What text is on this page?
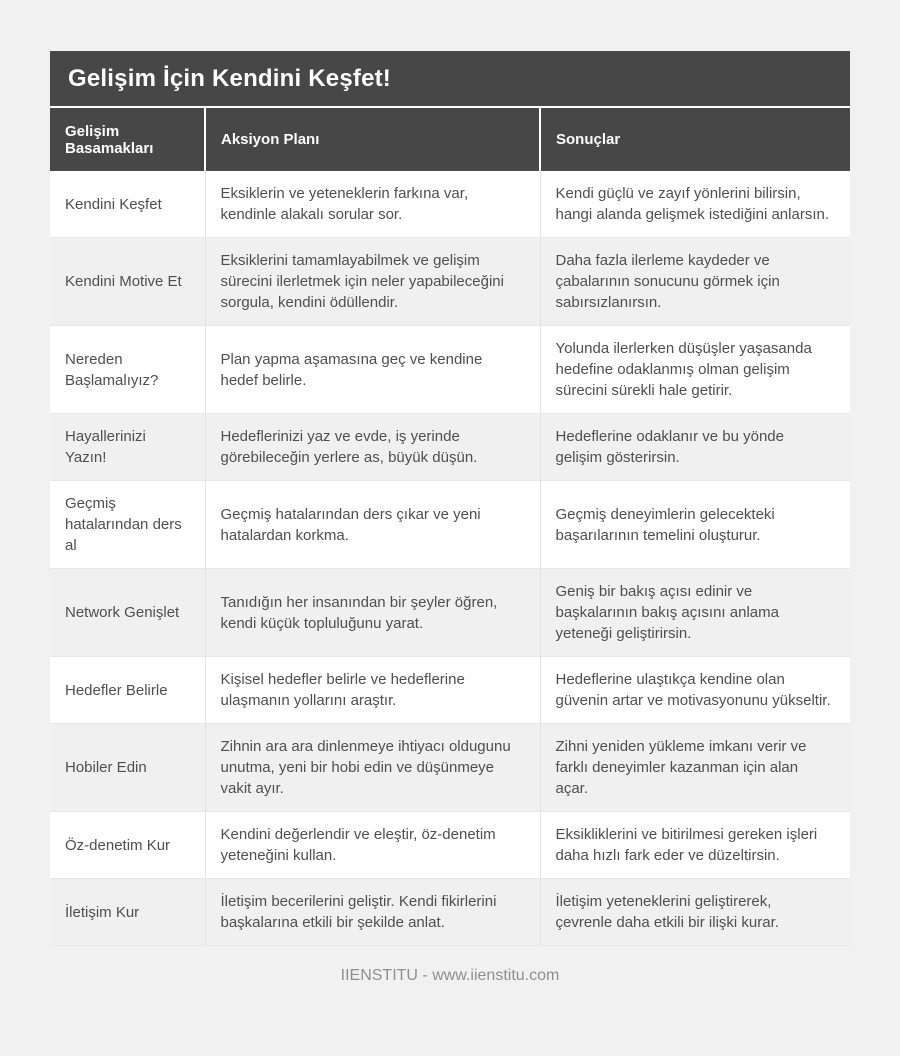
Gelişim İçin Kendini Keşfet!
Gelişim Basamakları	Aksiyon Planı	Sonuçlar
Kendini Keşfet	Eksiklerin ve yeteneklerin farkına var, kendinle alakalı sorular sor.	Kendi güçlü ve zayıf yönlerini bilirsin, hangi alanda gelişmek istediğini anlarsın.
Kendini Motive Et	Eksiklerini tamamlayabilmek ve gelişim sürecini ilerletmek için neler yapabileceğini sorgula, kendini ödüllendir.	Daha fazla ilerleme kaydeder ve çabalarının sonucunu görmek için sabırsızlanırsın.
Nereden Başlamalıyız?	Plan yapma aşamasına geç ve kendine hedef belirle.	Yolunda ilerlerken düşüşler yaşasanda hedefine odaklanmış olman gelişim sürecini sürekli hale getirir.
Hayallerinizi Yazın!	Hedeflerinizi yaz ve evde, iş yerinde görebileceğin yerlere as, büyük düşün.	Hedeflerine odaklanır ve bu yönde gelişim gösterirsin.
Geçmiş hatalarından ders al	Geçmiş hatalarından ders çıkar ve yeni hatalardan korkma.	Geçmiş deneyimlerin gelecekteki başarılarının temelini oluşturur.
Network Genişlet	Tanıdığın her insanından bir şeyler öğren, kendi küçük topluluğunu yarat.	Geniş bir bakış açısı edinir ve başkalarının bakış açısını anlama yeteneği geliştirirsin.
Hedefler Belirle	Kişisel hedefler belirle ve hedeflerine ulaşmanın yollarını araştır.	Hedeflerine ulaştıkça kendine olan güvenin artar ve motivasyonunu yükseltir.
Hobiler Edin	Zihnin ara ara dinlenmeye ihtiyacı oldugunu unutma, yeni bir hobi edin ve düşünmeye vakit ayır.	Zihni yeniden yükleme imkanı verir ve farklı deneyimler kazanman için alan açar.
Öz-denetim Kur	Kendini değerlendir ve eleştir, öz-denetim yeteneğini kullan.	Eksikliklerini ve bitirilmesi gereken işleri daha hızlı fark eder ve düzeltirsin.
İletişim Kur	İletişim becerilerini geliştir. Kendi fikirlerini başkalarına etkili bir şekilde anlat.	İletişim yeteneklerini geliştirerek, çevrenle daha etkili bir ilişki kurar.
IIENSTITU - www.iienstitu.com
